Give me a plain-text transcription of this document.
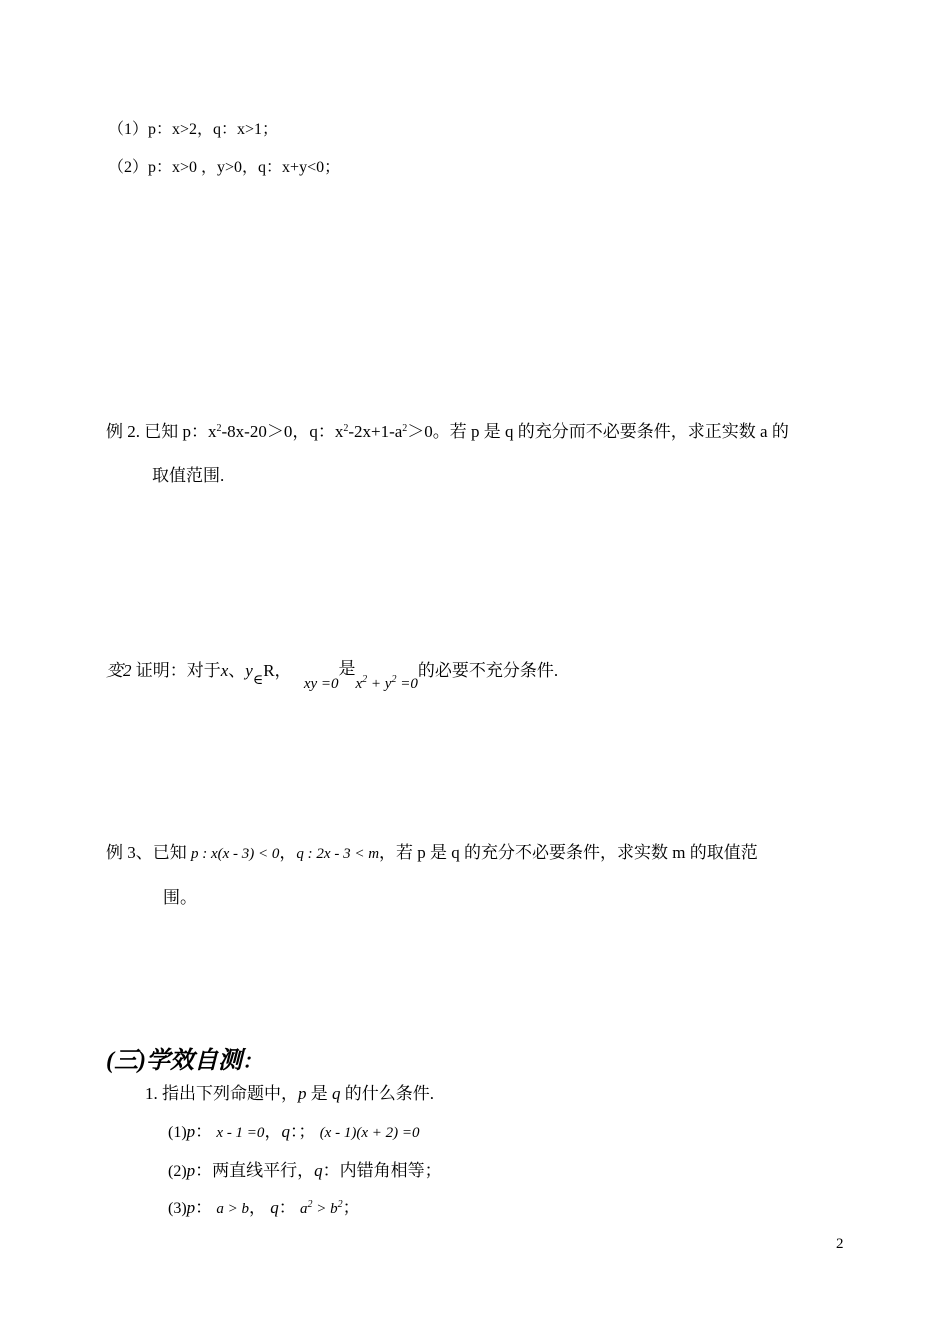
（1）p：x>2，q：x>1；
（2）p：x>0 ，y>0，q：x+y<0；
例 2. 已知 p：$x^2-8x-20>0$，q：$x^2-2x+1-a^2>0$。若 p 是 q 的充分而不必要条件，求正实数 a 的
取值范围.
变2 证明：对于x、$y_\in R$， xy =0是$x^2 + y^2 =0$的必要不充分条件.
例 3、已知 p : x(x - 3) < 0，q : 2x - 3 < m，若 p 是 q 的充分不必要条件，求实数 m 的取值范
围。
(三)学效自测：
1. 指出下列命题中，p 是 q 的什么条件.
(1)p： x - 1 =0，q：； (x - 1)(x + 2) =0
(2)p：两直线平行，q：内错角相等；
(3)p： a > b， q： $a^2 > b^2$；
2
